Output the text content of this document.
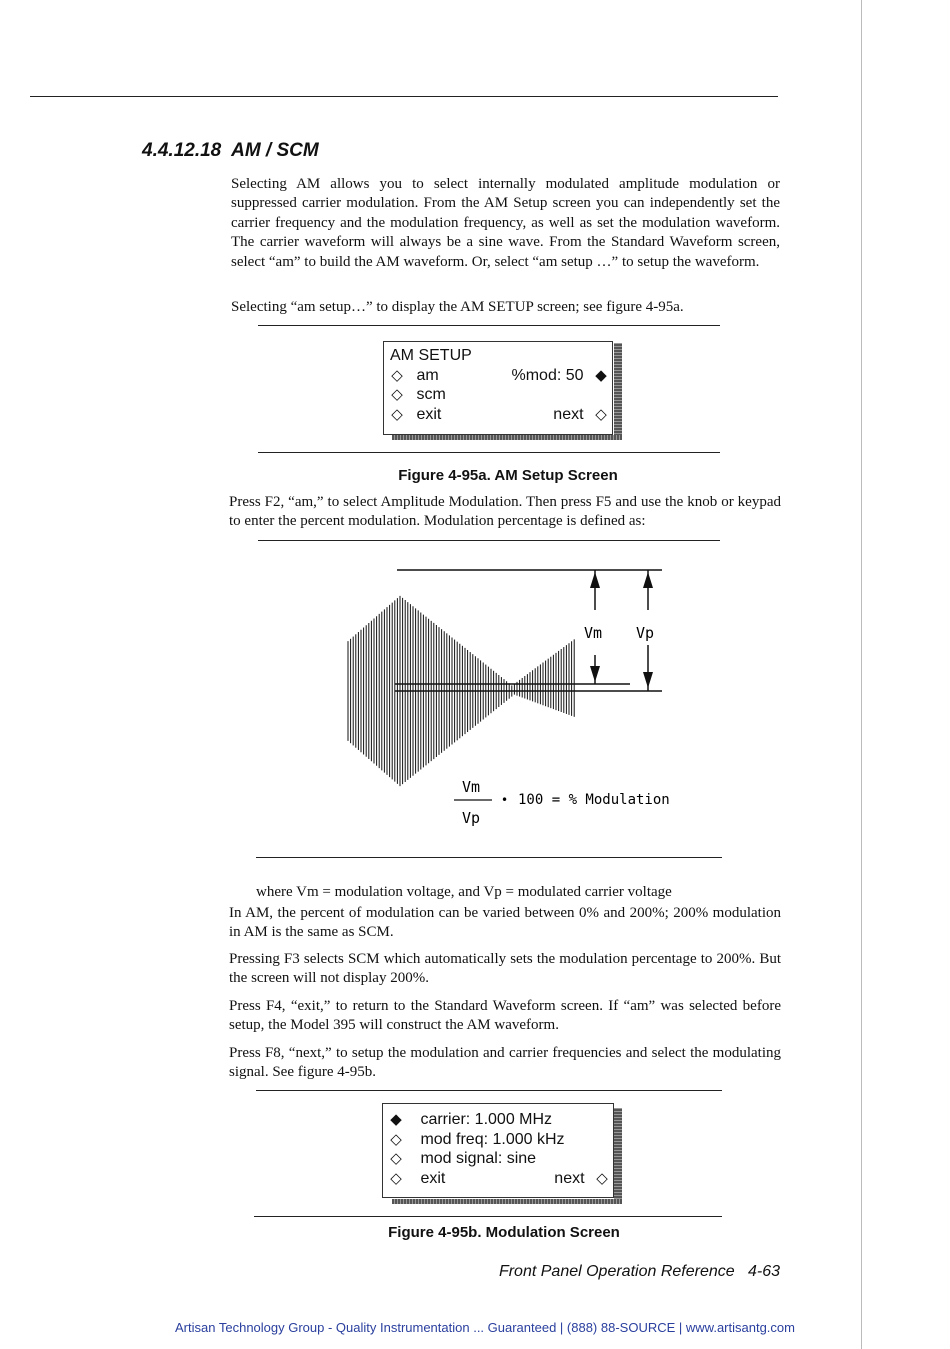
4.4.12.18 AM / SCM
Selecting AM allows you to select internally modulated amplitude modulation or suppressed carrier modulation. From the AM Setup screen you can independently set the carrier frequency and the modulation frequency, as well as set the modulation waveform. The carrier waveform will always be a sine wave. From the Standard Waveform screen, select “am” to build the AM waveform. Or, select “am setup …” to setup the waveform.
Selecting “am setup…” to display the AM SETUP screen; see figure 4-95a.
AM SETUP
◇ am	%mod: 50 ◆
◇ scm
◇ exit	next ◇
Figure 4-95a. AM Setup Screen
Press F2, “am,” to select Amplitude Modulation. Then press F5 and use the knob or keypad to enter the percent modulation. Modulation percentage is defined as:
Vm Vp
Vm
Vp
• 100 = % Modulation
where Vm = modulation voltage, and Vp = modulated carrier voltage
In AM, the percent of modulation can be varied between 0% and 200%; 200% modulation in AM is the same as SCM.
Pressing F3 selects SCM which automatically sets the modulation percentage to 200%. But the screen will not display 200%.
Press F4, “exit,” to return to the Standard Waveform screen. If “am” was selected before setup, the Model 395 will construct the AM waveform.
Press F8, “next,” to setup the modulation and carrier frequencies and select the modulating signal. See figure 4-95b.
◆ carrier: 1.000 MHz
◇ mod freq: 1.000 kHz
◇ mod signal: sine
◇ exit	next ◇
Figure 4-95b. Modulation Screen
Front Panel Operation Reference   4-63
Artisan Technology Group - Quality Instrumentation ... Guaranteed | (888) 88-SOURCE | www.artisantg.com
